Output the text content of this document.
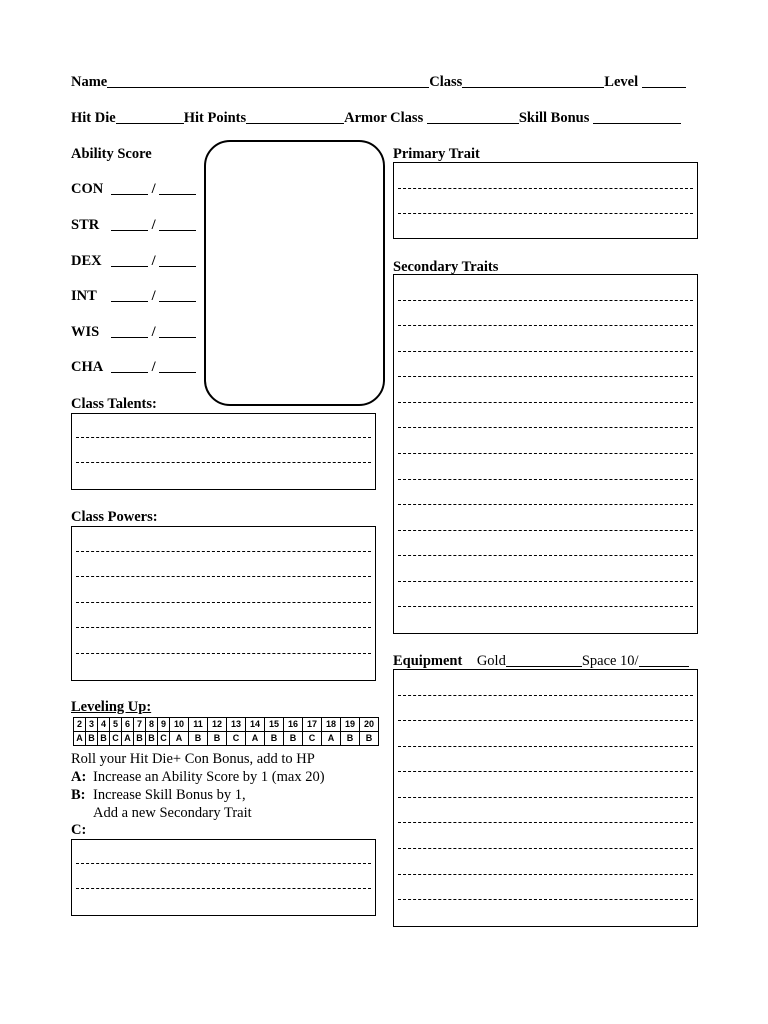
Name	Class	Level
Hit Die	Hit Points	Armor Class	Skill Bonus
Ability Score
CON	/
STR	/
DEX	/
INT	/
WIS	/
CHA	/
Primary Trait
Secondary Traits
Class Talents:
Class Powers:
Equipment Gold	Space 10/
Leveling Up:
2	3	4	5	6	7	8	9	10	11	12	13	14	15	16	17	18	19	20
A	B	B	C	A	B	B	C	A	B	B	C	A	B	B	C	A	B	B
Roll your Hit Die+ Con Bonus, add to HP
A: Increase an Ability Score by 1 (max 20)
B: Increase Skill Bonus by 1,
Add a new Secondary Trait
C:
